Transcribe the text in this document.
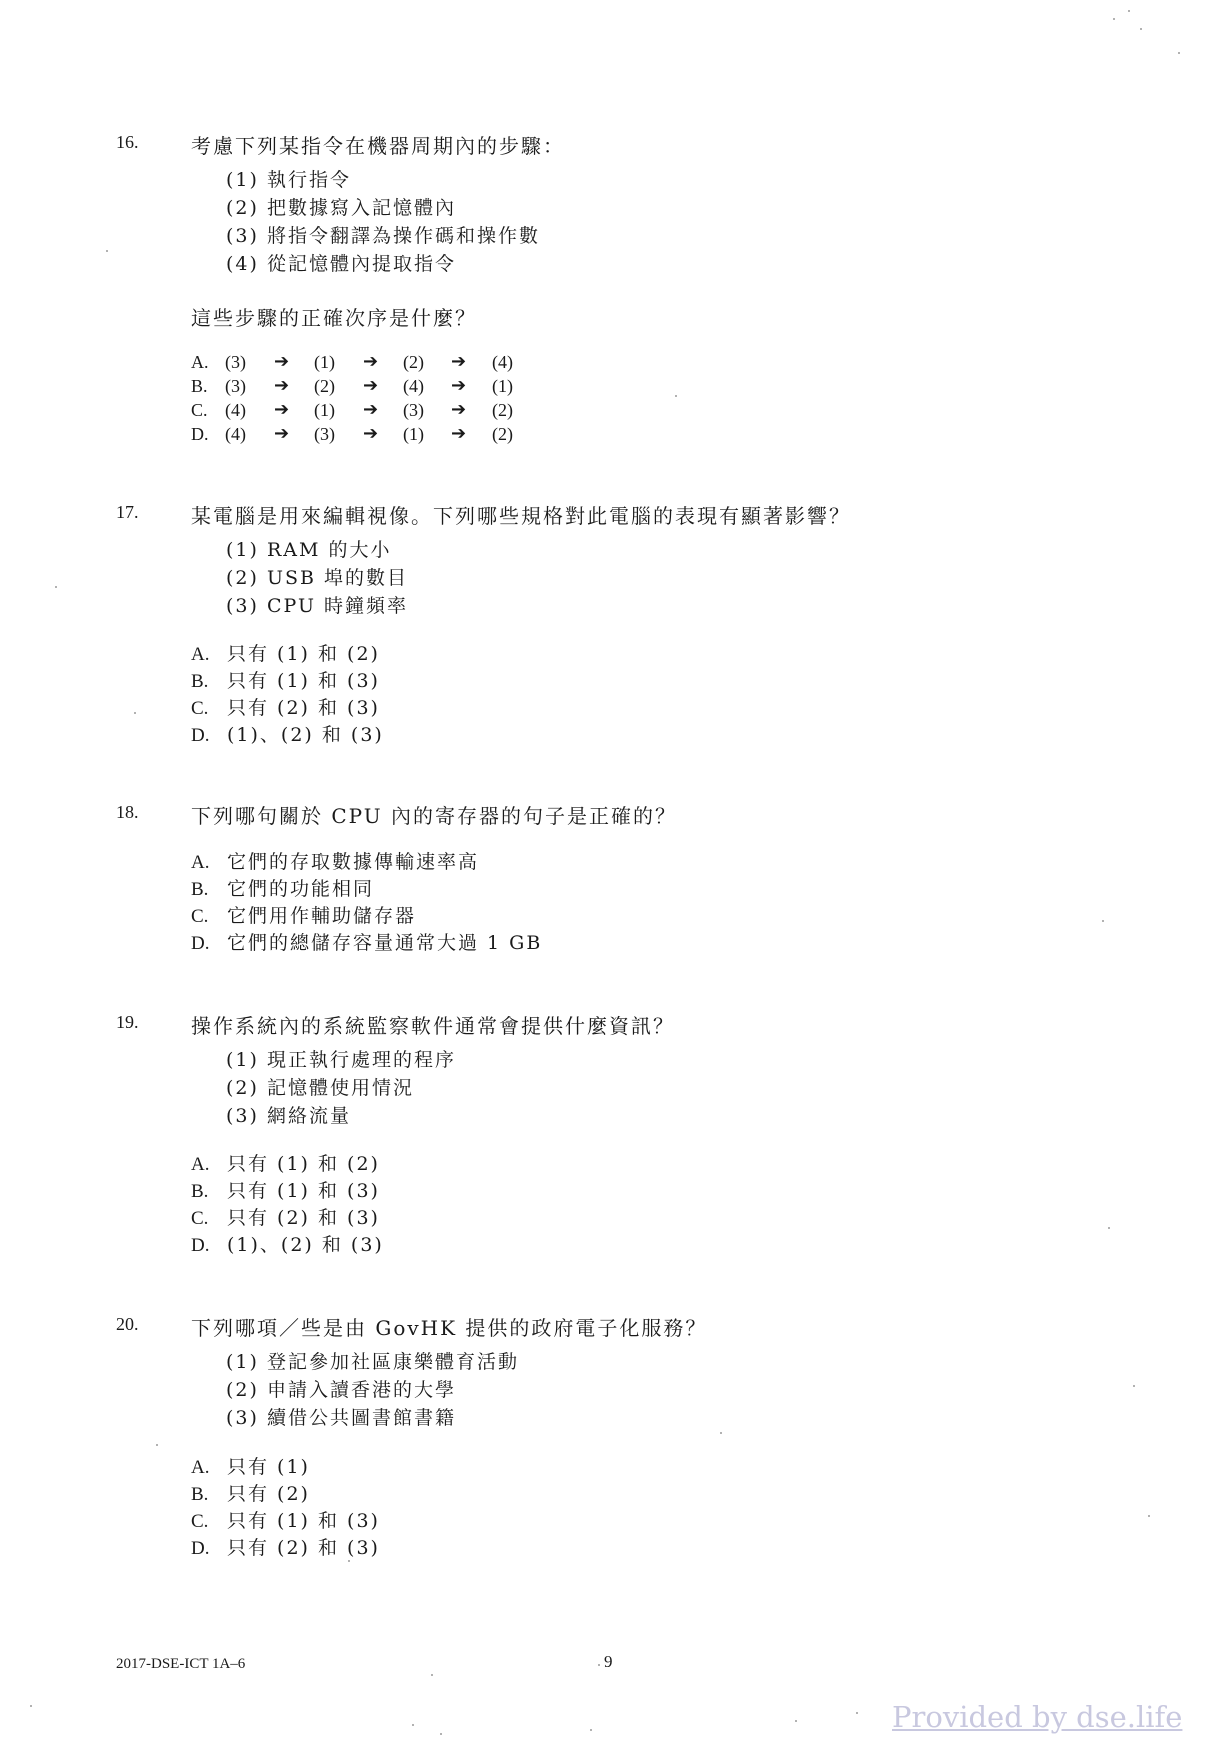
16.	考慮下列某指令在機器周期內的步驟：
(1) 執行指令
(2) 把數據寫入記憶體內
(3) 將指令翻譯為操作碼和操作數
(4) 從記憶體內提取指令
這些步驟的正確次序是什麼？
A. (3) ➔ (1) ➔ (2) ➔ (4)
B. (3) ➔ (2) ➔ (4) ➔ (1)
C. (4) ➔ (1) ➔ (3) ➔ (2)
D. (4) ➔ (3) ➔ (1) ➔ (2)
17.	某電腦是用來編輯視像。下列哪些規格對此電腦的表現有顯著影響？
(1) RAM 的大小
(2) USB 埠的數目
(3) CPU 時鐘頻率
A. 只有 (1) 和 (2)
B. 只有 (1) 和 (3)
C. 只有 (2) 和 (3)
D. (1)、(2) 和 (3)
18.	下列哪句關於 CPU 內的寄存器的句子是正確的？
A. 它們的存取數據傳輸速率高
B. 它們的功能相同
C. 它們用作輔助儲存器
D. 它們的總儲存容量通常大過 1 GB
19.	操作系統內的系統監察軟件通常會提供什麼資訊？
(1) 現正執行處理的程序
(2) 記憶體使用情況
(3) 網絡流量
A. 只有 (1) 和 (2)
B. 只有 (1) 和 (3)
C. 只有 (2) 和 (3)
D. (1)、(2) 和 (3)
20.	下列哪項／些是由 GovHK 提供的政府電子化服務？
(1) 登記參加社區康樂體育活動
(2) 申請入讀香港的大學
(3) 續借公共圖書館書籍
A. 只有 (1)
B. 只有 (2)
C. 只有 (1) 和 (3)
D. 只有 (2) 和 (3)
2017-DSE-ICT 1A–6	9
Provided by dse.life
